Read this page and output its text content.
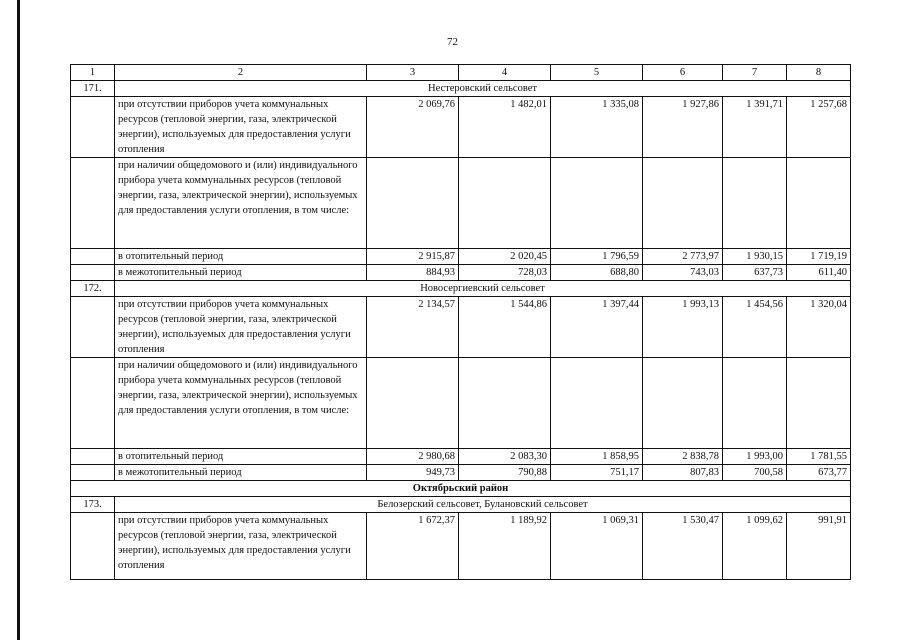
72
1	2	3	4	5	6	7	8
171.	Нестеровский сельсовет						
	при отсутствии приборов учета коммунальных ресурсов (тепловой энергии, газа, электрической энергии), используемых для предоставления услуги отопления	2 069,76	1 482,01	1 335,08	1 927,86	1 391,71	1 257,68
	при наличии общедомового и (или) индивидуального прибора учета коммунальных ресурсов (тепловой энергии, газа, электрической энергии), используемых для предоставления услуги отопления, в том числе:						
	в отопительный период	2 915,87	2 020,45	1 796,59	2 773,97	1 930,15	1 719,19
	в межотопительный период	884,93	728,03	688,80	743,03	637,73	611,40
172.	Новосергиевский сельсовет						
	при отсутствии приборов учета коммунальных ресурсов (тепловой энергии, газа, электрической энергии), используемых для предоставления услуги отопления	2 134,57	1 544,86	1 397,44	1 993,13	1 454,56	1 320,04
	при наличии общедомового и (или) индивидуального прибора учета коммунальных ресурсов (тепловой энергии, газа, электрической энергии), используемых для предоставления услуги отопления, в том числе:						
	в отопительный период	2 980,68	2 083,30	1 858,95	2 838,78	1 993,00	1 781,55
	в межотопительный период	949,73	790,88	751,17	807,83	700,58	673,77
Октябрьский район							
173.	Белозерский сельсовет, Булановский сельсовет						
	при отсутствии приборов учета коммунальных ресурсов (тепловой энергии, газа, электрической энергии), используемых для предоставления услуги отопления	1 672,37	1 189,92	1 069,31	1 530,47	1 099,62	991,91
